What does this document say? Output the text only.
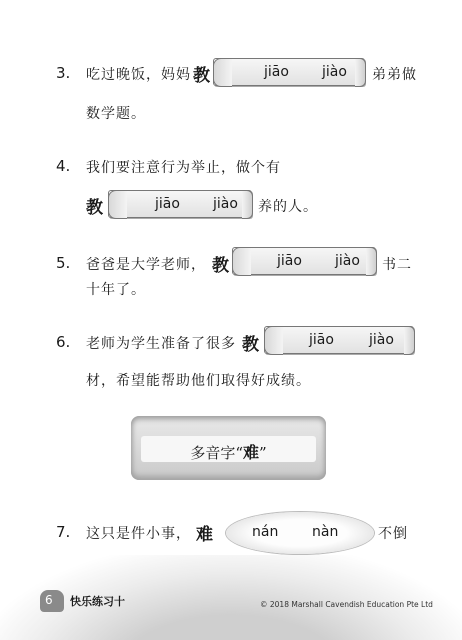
3. 吃过晚饭，妈妈 教	jiāo jiào 弟弟做
数学题。
4. 我们要注意行为举止，做个有
教	jiāo jiào 养的人。
5. 爸爸是大学老师， 教	jiāo jiào 书二
十年了。
6. 老师为学生准备了很多 教	jiāo	jiào
材，希望能帮助他们取得好成绩。
多音字“难”
7. 这只是件小事， 难	nán nàn	不倒
6 快乐练习十	© 2018 Marshall Cavendish Education Pte Ltd
